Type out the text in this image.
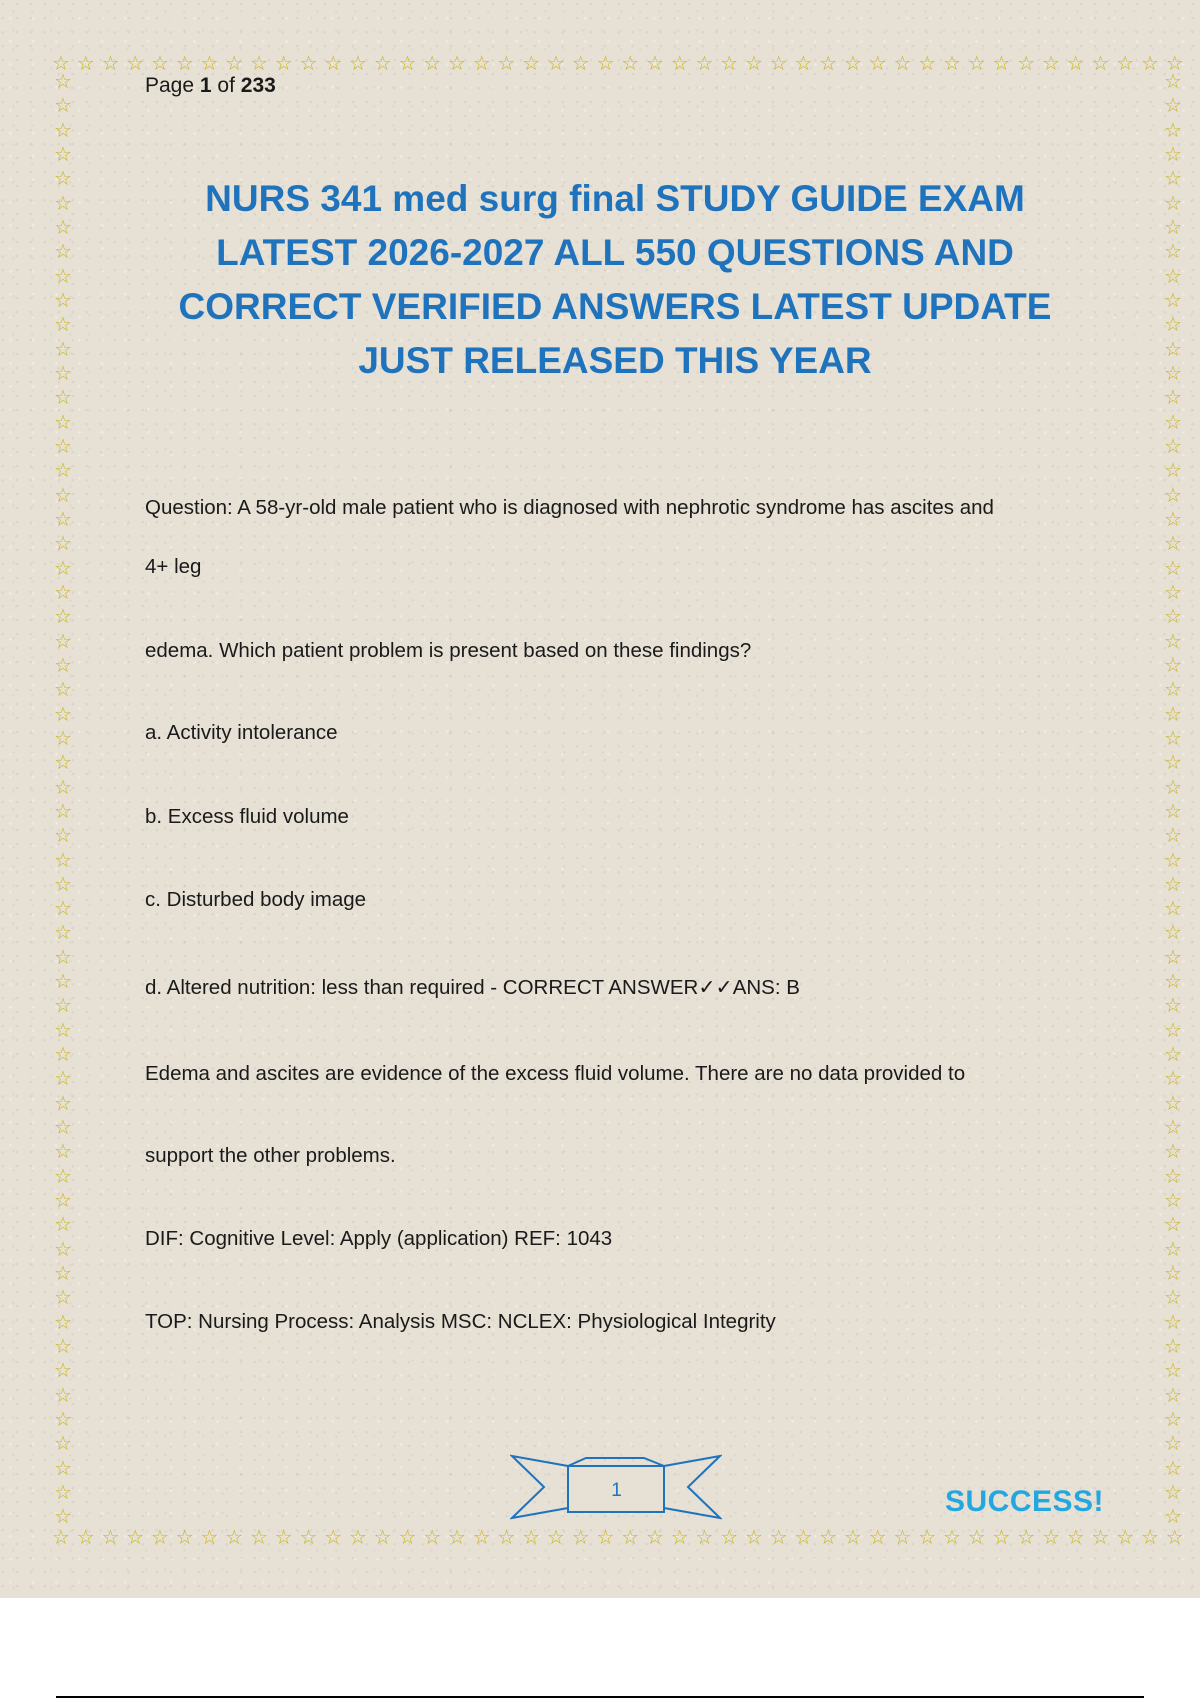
☆ ☆ ☆ ☆ ☆ ☆ ☆ ☆ ☆ ☆ ☆ ☆ ☆ ☆ ☆ ☆ ☆ ☆ ☆ ☆ ☆ ☆ ☆ ☆ ☆ ☆ ☆ ☆ ☆ ☆ ☆ ☆ ☆ ☆ ☆ ☆ ☆ ☆ ☆ ☆ ☆ ☆ ☆ ☆ ☆ ☆
☆ ☆ ☆ ☆ ☆ ☆ ☆ ☆ ☆ ☆ ☆ ☆ ☆ ☆ ☆ ☆ ☆ ☆ ☆ ☆ ☆ ☆ ☆ ☆ ☆ ☆ ☆ ☆ ☆ ☆ ☆ ☆ ☆ ☆ ☆ ☆ ☆ ☆ ☆ ☆ ☆ ☆ ☆ ☆ ☆ ☆
☆
☆
☆
☆
☆
☆
☆
☆
☆
☆
☆
☆
☆
☆
☆
☆
☆
☆
☆
☆
☆
☆
☆
☆
☆
☆
☆
☆
☆
☆
☆
☆
☆
☆
☆
☆
☆
☆
☆
☆
☆
☆
☆
☆
☆
☆
☆
☆
☆
☆
☆
☆
☆
☆
☆
☆
☆
☆
☆
☆
☆
☆
☆
☆
☆
☆
☆
☆
☆
☆
☆
☆
☆
☆
☆
☆
☆
☆
☆
☆
☆
☆
☆
☆
☆
☆
☆
☆
☆
☆
☆
☆
☆
☆
☆
☆
☆
☆
☆
☆
☆
☆
☆
☆
☆
☆
☆
☆
☆
☆
☆
☆
☆
☆
☆
☆
☆
☆
☆
☆
Page 1 of 233
NURS 341 med surg final STUDY GUIDE EXAM LATEST 2026-2027 ALL 550 QUESTIONS AND CORRECT VERIFIED ANSWERS LATEST UPDATE JUST RELEASED THIS YEAR

Question: A 58-yr-old male patient who is diagnosed with nephrotic syndrome has ascites and

4+ leg

edema. Which patient problem is present based on these findings?

a. Activity intolerance

b. Excess fluid volume

c. Disturbed body image

d. Altered nutrition: less than required - CORRECT ANSWER✓✓ANS: B

Edema and ascites are evidence of the excess fluid volume. There are no data provided to

support the other problems.

DIF: Cognitive Level: Apply (application) REF: 1043

TOP: Nursing Process: Analysis MSC: NCLEX: Physiological Integrity

1	SUCCESS!
